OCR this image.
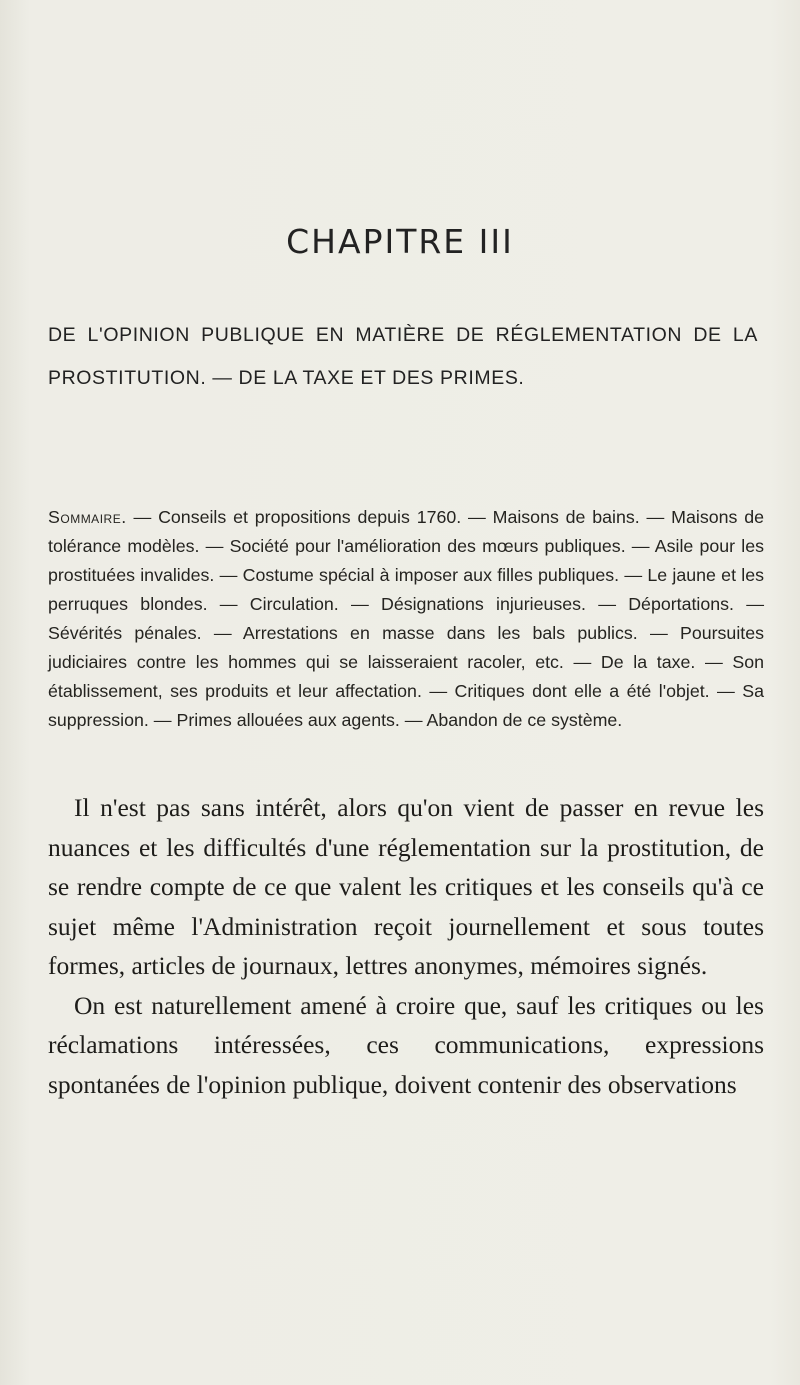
CHAPITRE III
DE L'OPINION PUBLIQUE EN MATIÈRE DE RÉGLEMENTATION DE LA PROSTITUTION. — DE LA TAXE ET DES PRIMES.
Sommaire. — Conseils et propositions depuis 1760. — Maisons de bains. — Maisons de tolérance modèles. — Société pour l'amélioration des mœurs publiques. — Asile pour les prostituées invalides. — Costume spécial à imposer aux filles publiques. — Le jaune et les perruques blondes. — Circulation. — Désignations injurieuses. — Déportations. — Sévérités pénales. — Arrestations en masse dans les bals publics. — Poursuites judiciaires contre les hommes qui se laisseraient racoler, etc. — De la taxe. — Son établissement, ses produits et leur affectation. — Critiques dont elle a été l'objet. — Sa suppression. — Primes allouées aux agents. — Abandon de ce système.

Il n'est pas sans intérêt, alors qu'on vient de passer en revue les nuances et les difficultés d'une réglementation sur la prostitution, de se rendre compte de ce que valent les critiques et les conseils qu'à ce sujet même l'Administration reçoit journellement et sous toutes formes, articles de journaux, lettres anonymes, mémoires signés.

On est naturellement amené à croire que, sauf les critiques ou les réclamations intéressées, ces communications, expressions spontanées de l'opinion publique, doivent contenir des observations
